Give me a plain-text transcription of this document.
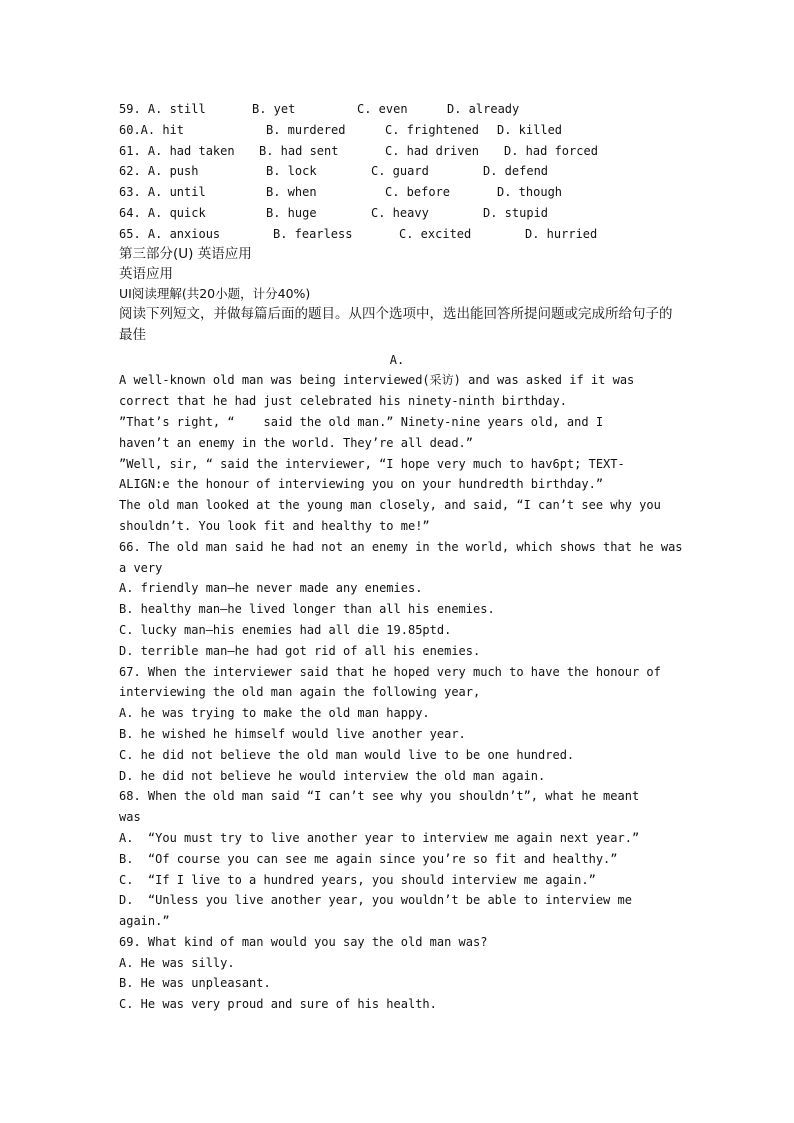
59. A. still	B. yet	C. even	D. already
60.A. hit	B. murdered	C. frightened	D. killed
61. A. had taken	B. had sent	C. had driven	D. had forced
62. A. push	B. lock	C. guard	D. defend
63. A. until	B. when	C. before	D. though
64. A. quick	B. huge	C. heavy	D. stupid
65. A. anxious	B. fearless	C. excited	D. hurried
第三部分(U) 英语应用
英语应用
UI阅读理解(共20小题，计分40%)
阅读下列短文，并做每篇后面的题目。从四个选项中，选出能回答所提问题或完成所给句子的最佳
A.
A well-known old man was being interviewed(采访) and was asked if it was
correct that he had just celebrated his ninety-ninth birthday.
”That’s right, “    said the old man.” Ninety-nine years old, and I
haven’t an enemy in the world. They’re all dead.”
”Well, sir, “ said the interviewer, “I hope very much to hav6pt; TEXT-
ALIGN:e the honour of interviewing you on your hundredth birthday.”
The old man looked at the young man closely, and said, “I can’t see why you
shouldn’t. You look fit and healthy to me!”
66. The old man said he had not an enemy in the world, which shows that he was
a very
A. friendly man—he never made any enemies.
B. healthy man—he lived longer than all his enemies.
C. lucky man—his enemies had all die 19.85ptd.
D. terrible man—he had got rid of all his enemies.
67. When the interviewer said that he hoped very much to have the honour of
interviewing the old man again the following year,
A. he was trying to make the old man happy.
B. he wished he himself would live another year.
C. he did not believe the old man would live to be one hundred.
D. he did not believe he would interview the old man again.
68. When the old man said “I can’t see why you shouldn’t”, what he meant
was
A.  “You must try to live another year to interview me again next year.”
B.  “Of course you can see me again since you’re so fit and healthy.”
C.  “If I live to a hundred years, you should interview me again.”
D.  “Unless you live another year, you wouldn’t be able to interview me
again.”
69. What kind of man would you say the old man was?
A. He was silly.
B. He was unpleasant.
C. He was very proud and sure of his health.
